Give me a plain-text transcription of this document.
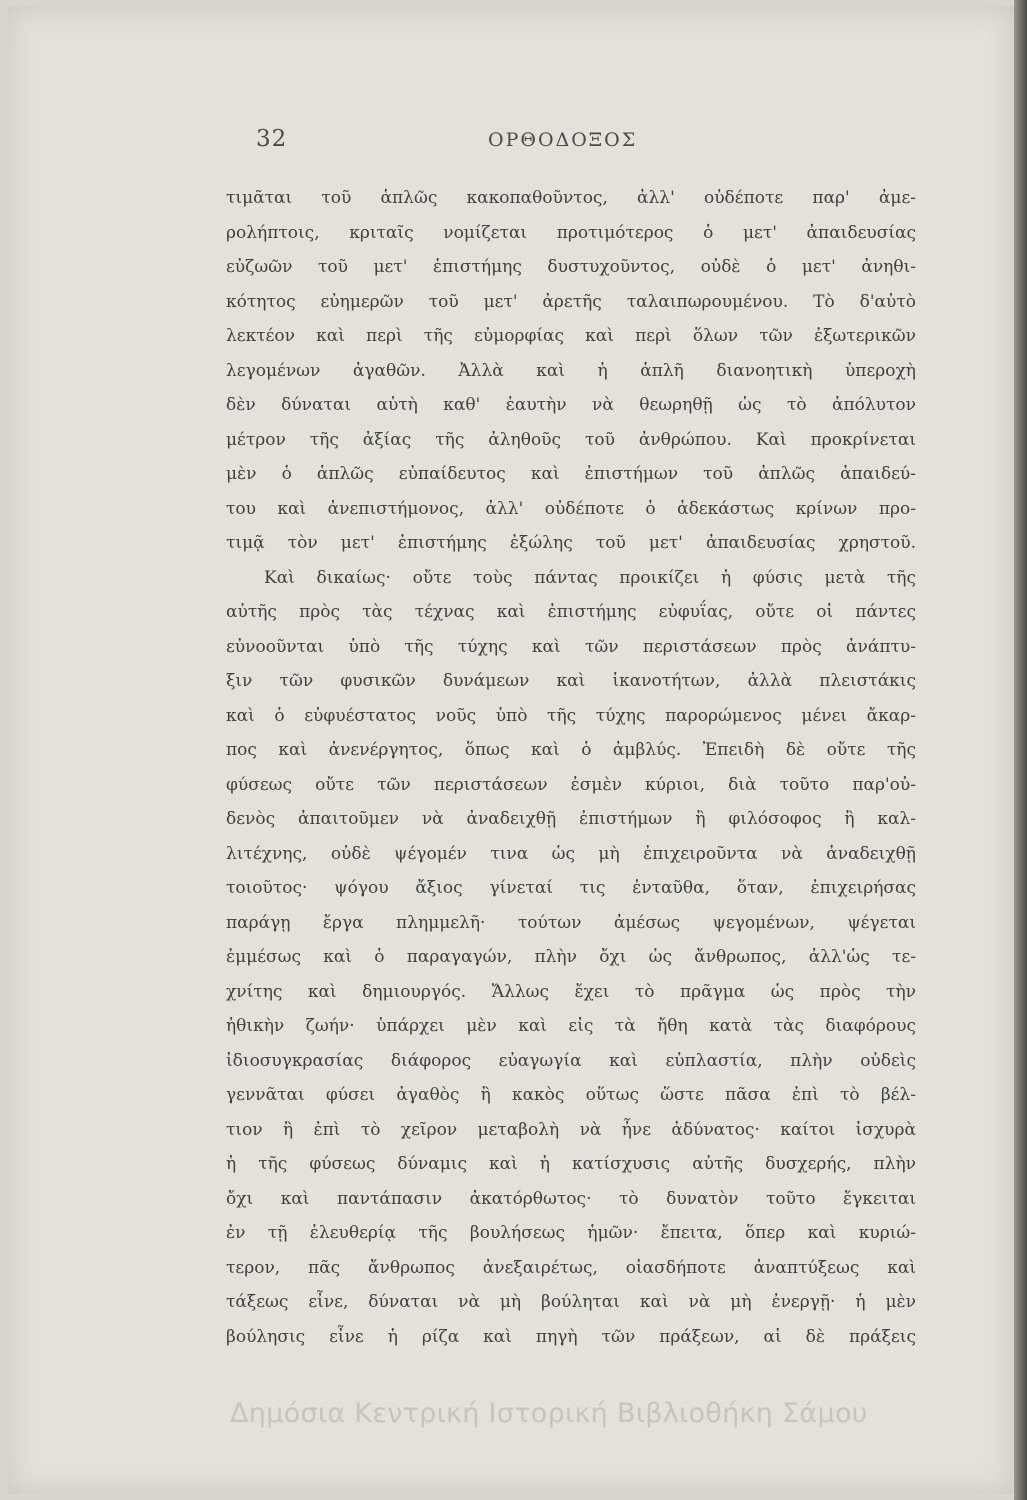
32	ΟΡΘΟΔΟΞΟΣ
τιμᾶται τοῦ ἁπλῶς κακοπαθοῦντος, ἀλλ' οὐδέποτε παρ' ἀμε-
ρολήπτοις, κριταῖς νομίζεται προτιμότερος ὁ μετ' ἀπαιδευσίας
εὐζωῶν τοῦ μετ' ἐπιστήμης δυστυχοῦντος, οὐδὲ ὁ μετ' ἀνηθι-
κότητος εὐημερῶν τοῦ μετ' ἀρετῆς ταλαιπωρουμένου. Τὸ δ'αὐτὸ
λεκτέον καὶ περὶ τῆς εὐμορφίας καὶ περὶ ὅλων τῶν ἐξωτερικῶν
λεγομένων ἀγαθῶν. Ἀλλὰ καὶ ἡ ἁπλῆ διανοητικὴ ὑπεροχὴ
δὲν δύναται αὐτὴ καθ' ἑαυτὴν νὰ θεωρηθῇ ὡς τὸ ἀπόλυτον
μέτρον τῆς ἀξίας τῆς ἀληθοῦς τοῦ ἀνθρώπου. Καὶ προκρίνεται
μὲν ὁ ἁπλῶς εὐπαίδευτος καὶ ἐπιστήμων τοῦ ἁπλῶς ἀπαιδεύ-
του καὶ ἀνεπιστήμονος, ἀλλ' οὐδέποτε ὁ ἀδεκάστως κρίνων προ-
τιμᾷ τὸν μετ' ἐπιστήμης ἐξώλης τοῦ μετ' ἀπαιδευσίας χρηστοῦ.
Καὶ δικαίως· οὔτε τοὺς πάντας προικίζει ἡ φύσις μετὰ τῆς
αὐτῆς πρὸς τὰς τέχνας καὶ ἐπιστήμης εὐφυΐας, οὔτε οἱ πάντες
εὐνοοῦνται ὑπὸ τῆς τύχης καὶ τῶν περιστάσεων πρὸς ἀνάπτυ-
ξιν τῶν φυσικῶν δυνάμεων καὶ ἱκανοτήτων, ἀλλὰ πλειστάκις
καὶ ὁ εὐφυέστατος νοῦς ὑπὸ τῆς τύχης παρορώμενος μένει ἄκαρ-
πος καὶ ἀνενέργητος, ὅπως καὶ ὁ ἀμβλύς. Ἐπειδὴ δὲ οὔτε τῆς
φύσεως οὔτε τῶν περιστάσεων ἐσμὲν κύριοι, διὰ τοῦτο παρ'οὐ-
δενὸς ἀπαιτοῦμεν νὰ ἀναδειχθῇ ἐπιστήμων ἢ φιλόσοφος ἢ καλ-
λιτέχνης, οὐδὲ ψέγομέν τινα ὡς μὴ ἐπιχειροῦντα νὰ ἀναδειχθῇ
τοιοῦτος· ψόγου ἄξιος γίνεταί τις ἐνταῦθα, ὅταν, ἐπιχειρήσας
παράγῃ ἔργα πλημμελῆ· τούτων ἀμέσως ψεγομένων, ψέγεται
ἐμμέσως καὶ ὁ παραγαγών, πλὴν ὄχι ὡς ἄνθρωπος, ἀλλ'ὡς τε-
χνίτης καὶ δημιουργός. Ἄλλως ἔχει τὸ πρᾶγμα ὡς πρὸς τὴν
ἠθικὴν ζωήν· ὑπάρχει μὲν καὶ εἰς τὰ ἤθη κατὰ τὰς διαφόρους
ἰδιοσυγκρασίας διάφορος εὐαγωγία καὶ εὐπλαστία, πλὴν οὐδεὶς
γεννᾶται φύσει ἀγαθὸς ἢ κακὸς οὕτως ὥστε πᾶσα ἐπὶ τὸ βέλ-
τιον ἢ ἐπὶ τὸ χεῖρον μεταβολὴ νὰ ἦνε ἀδύνατος· καίτοι ἰσχυρὰ
ἡ τῆς φύσεως δύναμις καὶ ἡ κατίσχυσις αὐτῆς δυσχερής, πλὴν
ὄχι καὶ παντάπασιν ἀκατόρθωτος· τὸ δυνατὸν τοῦτο ἔγκειται
ἐν τῇ ἐλευθερίᾳ τῆς βουλήσεως ἡμῶν· ἔπειτα, ὅπερ καὶ κυριώ-
τερον, πᾶς ἄνθρωπος ἀνεξαιρέτως, οἱασδήποτε ἀναπτύξεως καὶ
τάξεως εἶνε, δύναται νὰ μὴ βούληται καὶ νὰ μὴ ἐνεργῇ· ἡ μὲν
βούλησις εἶνε ἡ ρίζα καὶ πηγὴ τῶν πράξεων, αἱ δὲ πράξεις
Δημόσια Κεντρική Ιστορική Βιβλιοθήκη Σάμου
